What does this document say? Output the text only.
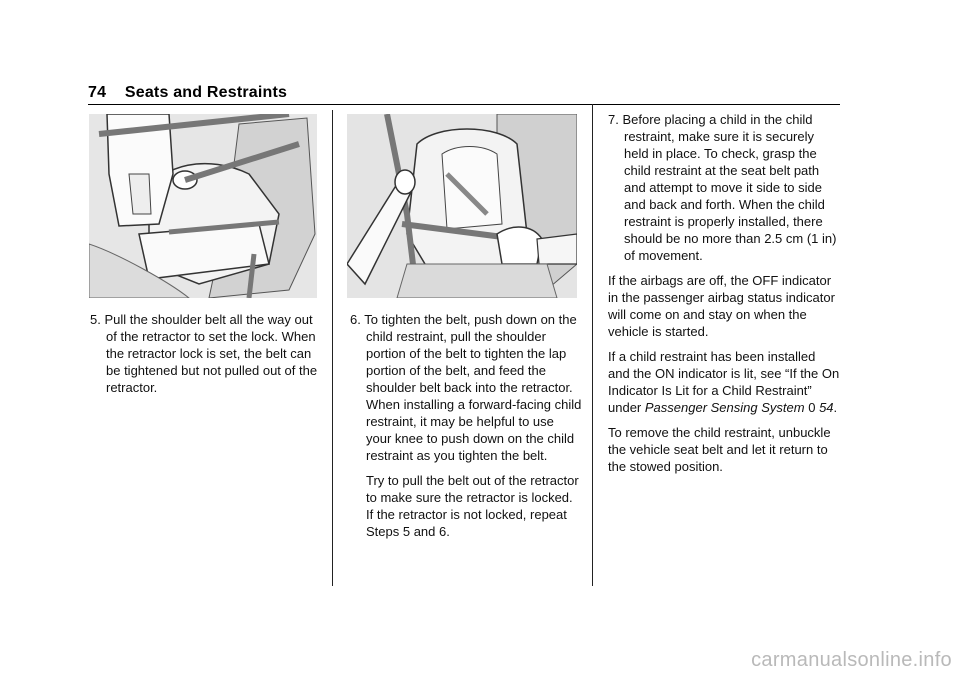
74 Seats and Restraints

5. Pull the shoulder belt all the way out of the retractor to set the lock. When the retractor lock is set, the belt can be tightened but not pulled out of the retractor.

6. To tighten the belt, push down on the child restraint, pull the shoulder portion of the belt to tighten the lap portion of the belt, and feed the shoulder belt back into the retractor. When installing a forward-facing child restraint, it may be helpful to use your knee to push down on the child restraint as you tighten the belt.

Try to pull the belt out of the retractor to make sure the retractor is locked. If the retractor is not locked, repeat Steps 5 and 6.

7. Before placing a child in the child restraint, make sure it is securely held in place. To check, grasp the child restraint at the seat belt path and attempt to move it side to side and back and forth. When the child restraint is properly installed, there should be no more than 2.5 cm (1 in) of movement.

If the airbags are off, the OFF indicator in the passenger airbag status indicator will come on and stay on when the vehicle is started.

If a child restraint has been installed and the ON indicator is lit, see “If the On Indicator Is Lit for a Child Restraint” under Passenger Sensing System 0 54.

To remove the child restraint, unbuckle the vehicle seat belt and let it return to the stowed position.

carmanualsonline.info
